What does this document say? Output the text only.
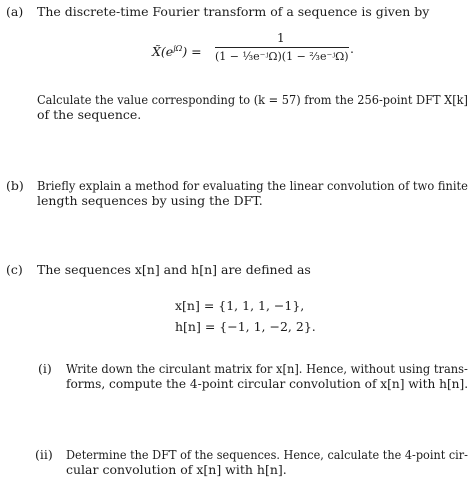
(a) The discrete-time Fourier transform of a sequence is given by
$X̃(e^{j\Omega})$ =
1
(1 − ⅓e⁻ʲΩ)(1 − ⅔e⁻ʲΩ)
.
Calculate the value corresponding to (k = 57) from the 256-point DFT X[k]
of the sequence.
(b) Briefly explain a method for evaluating the linear convolution of two finite
length sequences by using the DFT.
(c) The sequences x[n] and h[n] are defined as
x[n] = {1, 1, 1, −1},
h[n] = {−1, 1, −2, 2}.
(i) Write down the circulant matrix for x[n]. Hence, without using trans-
forms, compute the 4-point circular convolution of x[n] with h[n].
(ii) Determine the DFT of the sequences. Hence, calculate the 4-point cir-
cular convolution of x[n] with h[n].
